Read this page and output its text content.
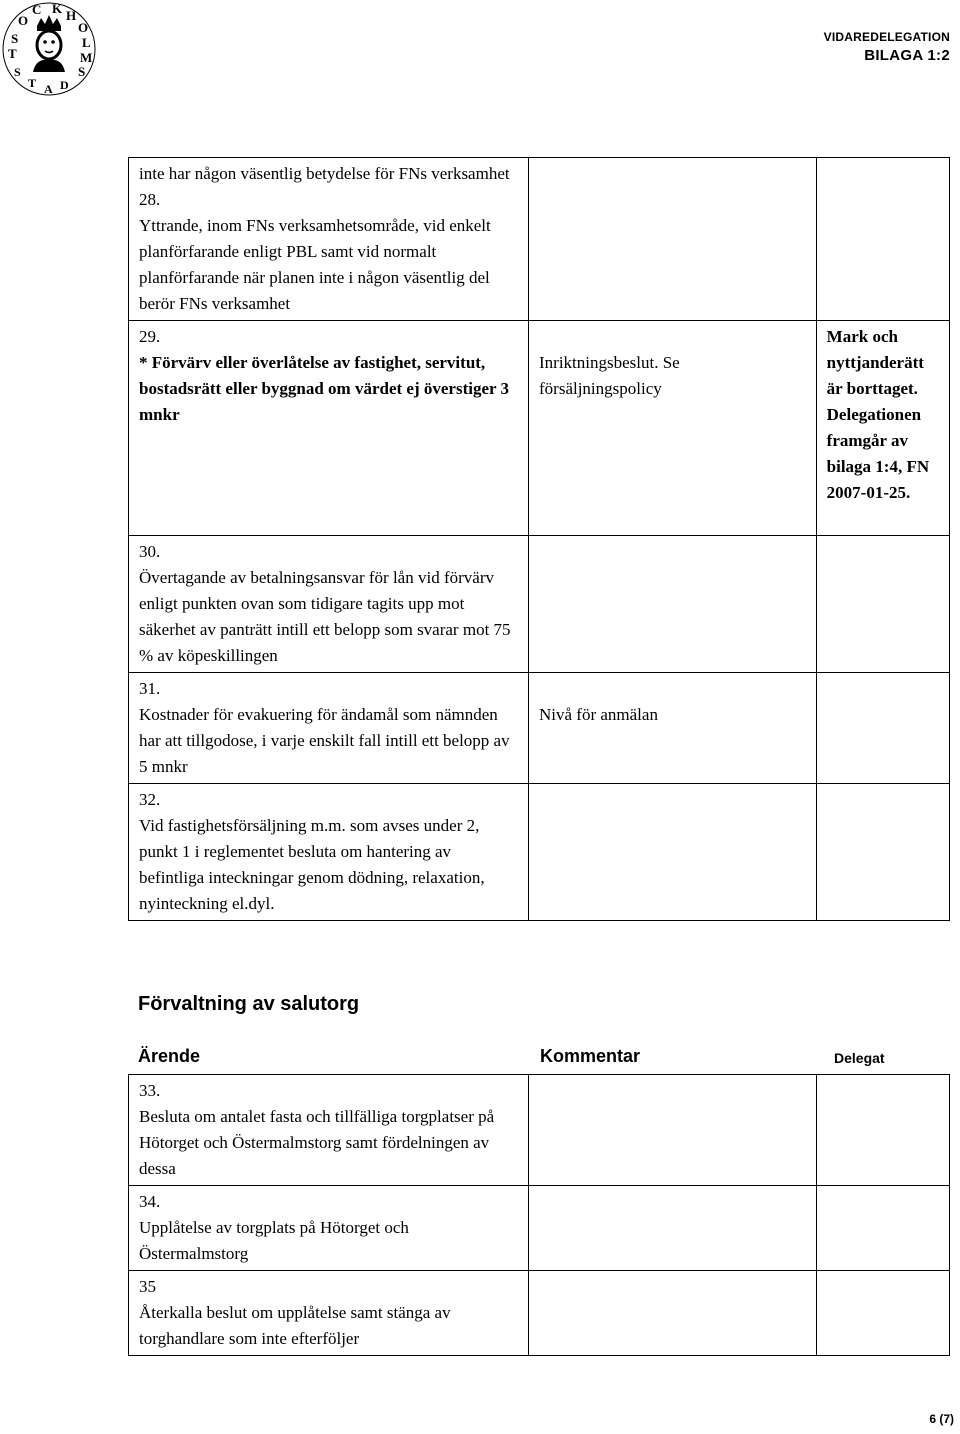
S
T
O
C K H
O
L
M
S
S
T A D
VIDAREDELEGATION
BILAGA 1:2
inte har någon väsentlig betydelse för FNs verksamhet
28.
Yttrande, inom FNs verksamhetsområde, vid enkelt planförfarande enligt PBL samt vid normalt planförfarande när planen inte i någon väsentlig del berör FNs verksamhet		

29.
* Förvärv eller överlåtelse av fastighet, servitut, bostadsrätt eller byggnad om värdet ej överstiger 3 mnkr	Inriktningsbeslut. Se försäljningspolicy	Mark och nyttjanderätt är borttaget. Delegationen framgår av bilaga 1:4, FN 2007-01-25.

30.
Övertagande av betalningsansvar för lån vid förvärv enligt punkten ovan som tidigare tagits upp mot säkerhet av panträtt intill ett belopp som svarar mot 75 % av köpeskillingen		

31.
Kostnader för evakuering för ändamål som nämnden har att tillgodose, i varje enskilt fall intill ett belopp av 5 mnkr	Nivå för anmälan	

32.
Vid fastighetsförsäljning m.m. som avses under 2, punkt 1 i reglementet besluta om hantering av befintliga inteckningar genom dödning, relaxation, nyinteckning el.dyl.		

Förvaltning av salutorg
Ärende	Kommentar	Delegat
33.
Besluta om antalet fasta och tillfälliga torgplatser på Hötorget och Östermalmstorg samt fördelningen av dessa		

34.
Upplåtelse av torgplats på Hötorget och Östermalmstorg		

35
Återkalla beslut om upplåtelse samt stänga av torghandlare som inte efterföljer		

6 (7)
